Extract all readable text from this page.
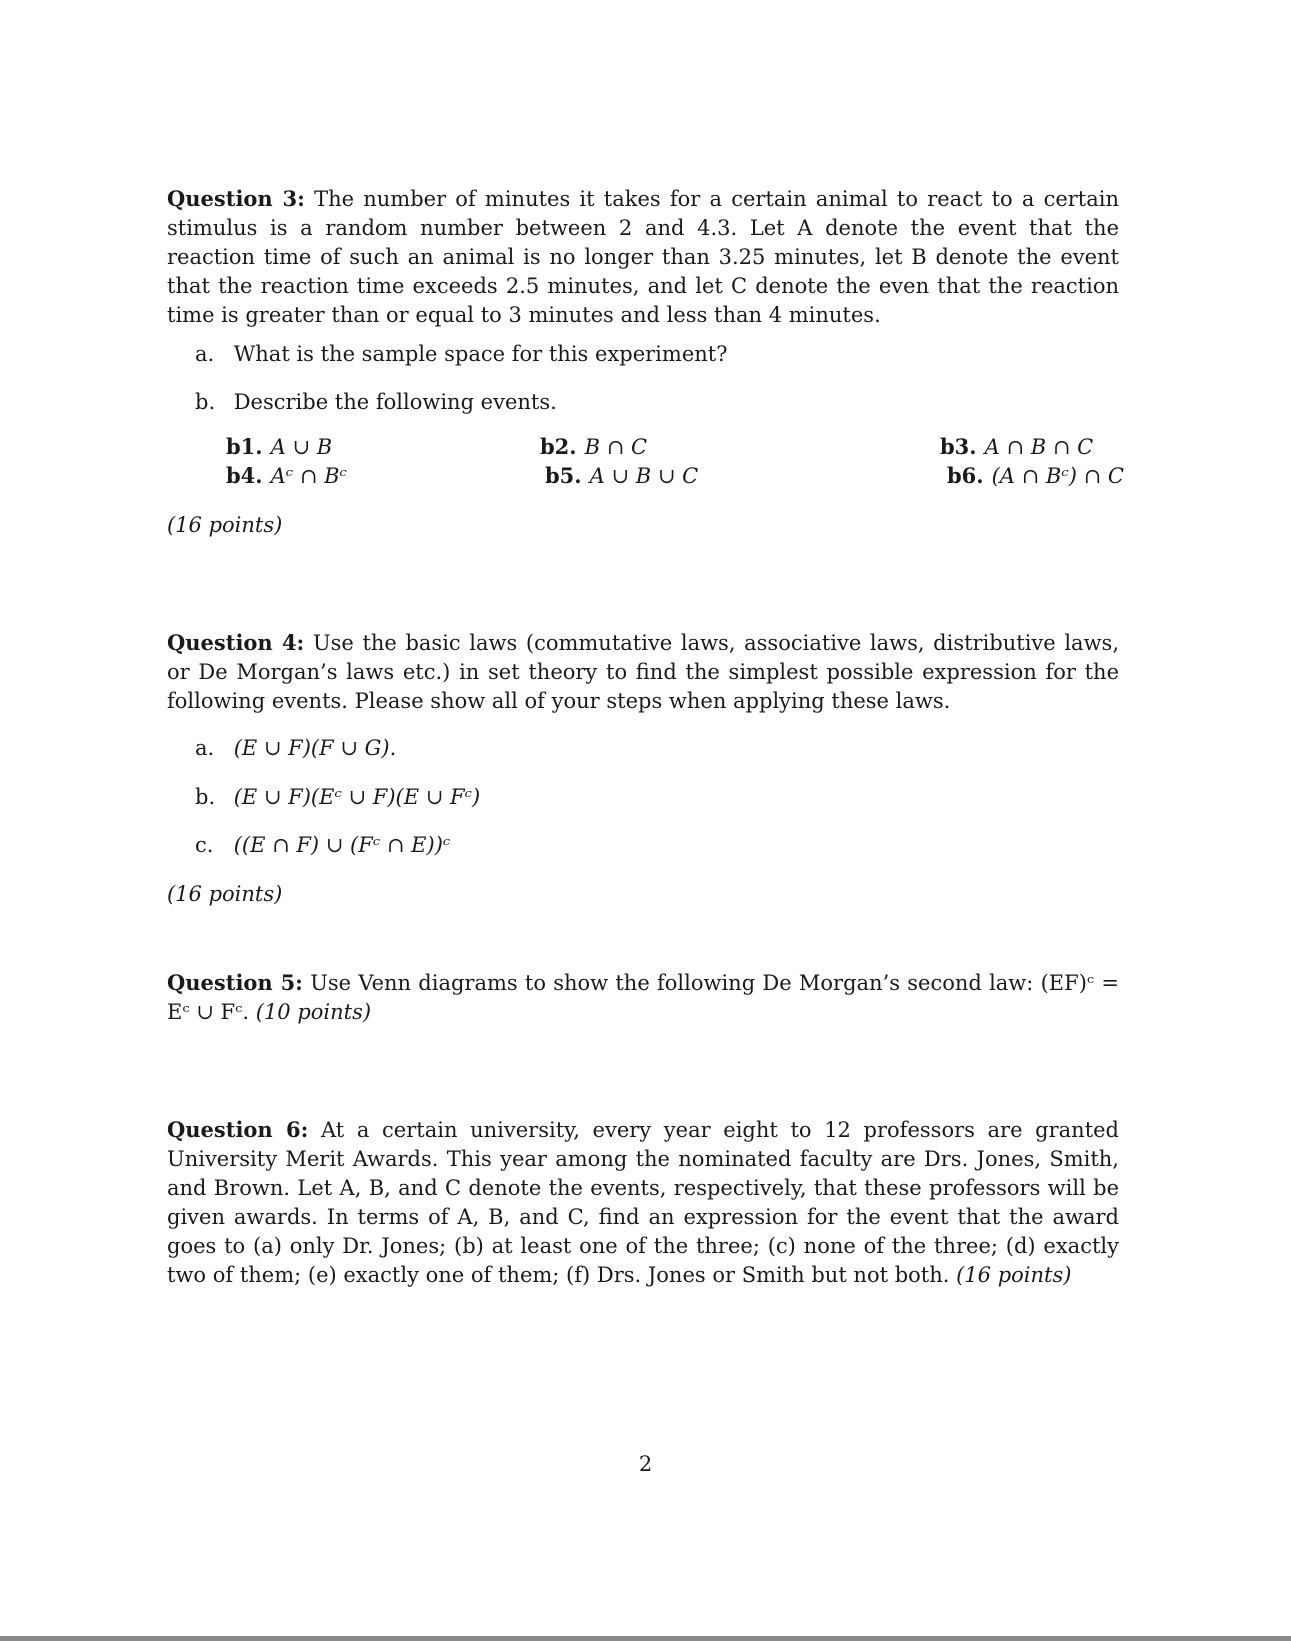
Question 3: The number of minutes it takes for a certain animal to react to a certain stimulus is a random number between 2 and 4.3. Let A denote the event that the reaction time of such an animal is no longer than 3.25 minutes, let B denote the event that the reaction time exceeds 2.5 minutes, and let C denote the even that the reaction time is greater than or equal to 3 minutes and less than 4 minutes.

a. What is the sample space for this experiment?
b. Describe the following events.
b1. A ∪ B	b2. B ∩ C	b3. A ∩ B ∩ C
b4. Aᶜ ∩ Bᶜ	b5. A ∪ B ∪ C	b6. (A ∩ Bᶜ) ∩ C
(16 points)

Question 4: Use the basic laws (commutative laws, associative laws, distributive laws, or De Morgan’s laws etc.) in set theory to find the simplest possible expression for the following events. Please show all of your steps when applying these laws.

a. (E ∪ F)(F ∪ G).
b. (E ∪ F)(Eᶜ ∪ F)(E ∪ Fᶜ)
c. ((E ∩ F) ∪ (Fᶜ ∩ E))ᶜ
(16 points)

Question 5: Use Venn diagrams to show the following De Morgan’s second law: (EF)ᶜ = Eᶜ ∪ Fᶜ. (10 points)

Question 6: At a certain university, every year eight to 12 professors are granted University Merit Awards. This year among the nominated faculty are Drs. Jones, Smith, and Brown. Let A, B, and C denote the events, respectively, that these professors will be given awards. In terms of A, B, and C, find an expression for the event that the award goes to (a) only Dr. Jones; (b) at least one of the three; (c) none of the three; (d) exactly two of them; (e) exactly one of them; (f) Drs. Jones or Smith but not both. (16 points)

2
